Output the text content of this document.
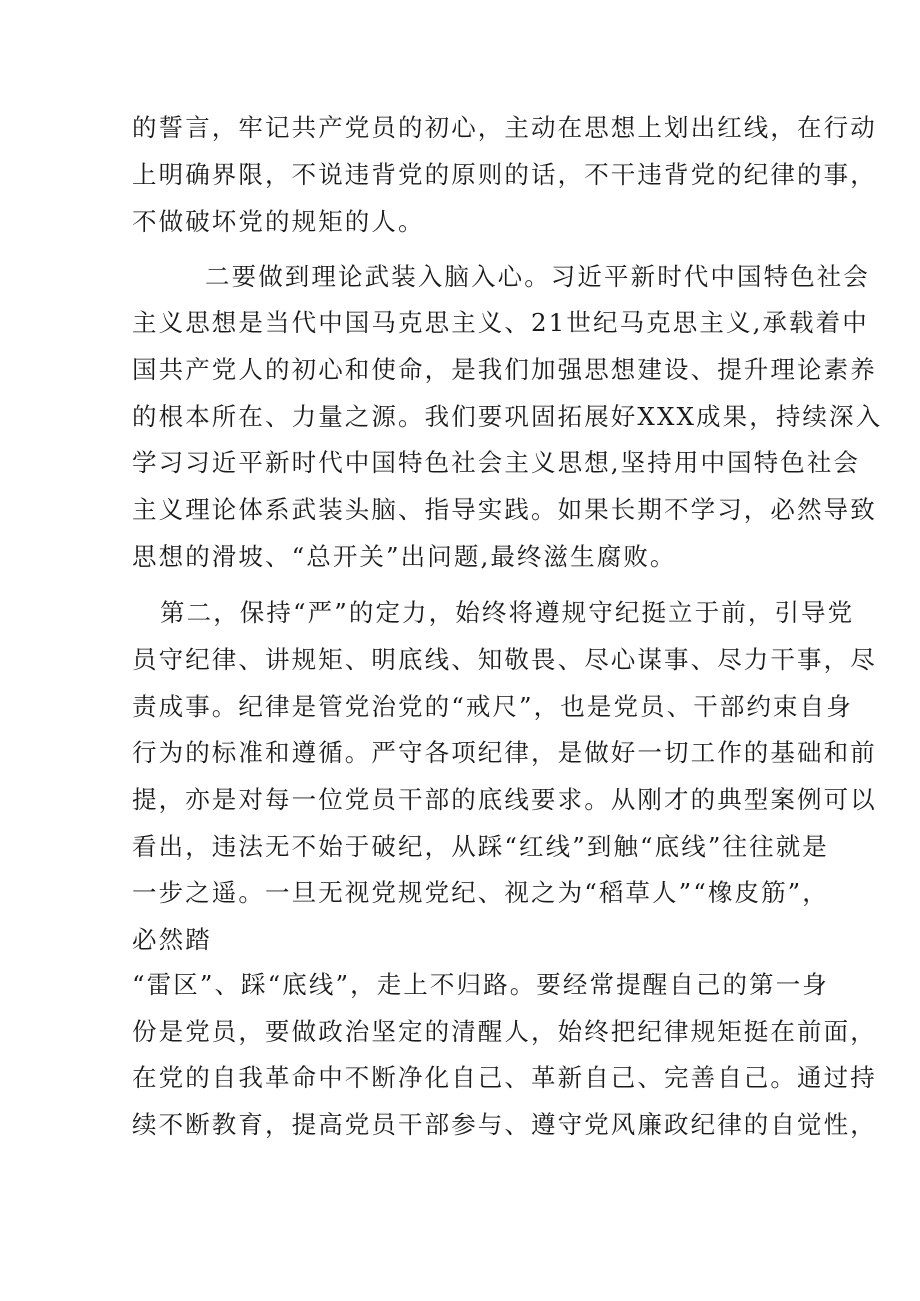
的誓言，牢记共产党员的初心，主动在思想上划出红线，在行动
上明确界限，不说违背党的原则的话，不干违背党的纪律的事，
不做破坏党的规矩的人。
二要做到理论武装入脑入心。习近平新时代中国特色社会
主义思想是当代中国马克思主义、21世纪马克思主义,承载着中
国共产党人的初心和使命，是我们加强思想建设、提升理论素养
的根本所在、力量之源。我们要巩固拓展好XXX成果，持续深入
学习习近平新时代中国特色社会主义思想,坚持用中国特色社会
主义理论体系武装头脑、指导实践。如果长期不学习，必然导致
思想的滑坡、“总开关”出问题,最终滋生腐败。
第二，保持“严”的定力，始终将遵规守纪挺立于前，引导党
员守纪律、讲规矩、明底线、知敬畏、尽心谋事、尽力干事，尽
责成事。纪律是管党治党的“戒尺”，也是党员、干部约束自身
行为的标准和遵循。严守各项纪律，是做好一切工作的基础和前
提，亦是对每一位党员干部的底线要求。从刚才的典型案例可以
看出，违法无不始于破纪，从踩“红线”到触“底线”往往就是
一步之遥。一旦无视党规党纪、视之为“稻草人”“橡皮筋”，
必然踏
“雷区”、踩“底线”，走上不归路。要经常提醒自己的第一身
份是党员，要做政治坚定的清醒人，始终把纪律规矩挺在前面，
在党的自我革命中不断净化自己、革新自己、完善自己。通过持
续不断教育，提高党员干部参与、遵守党风廉政纪律的自觉性，
